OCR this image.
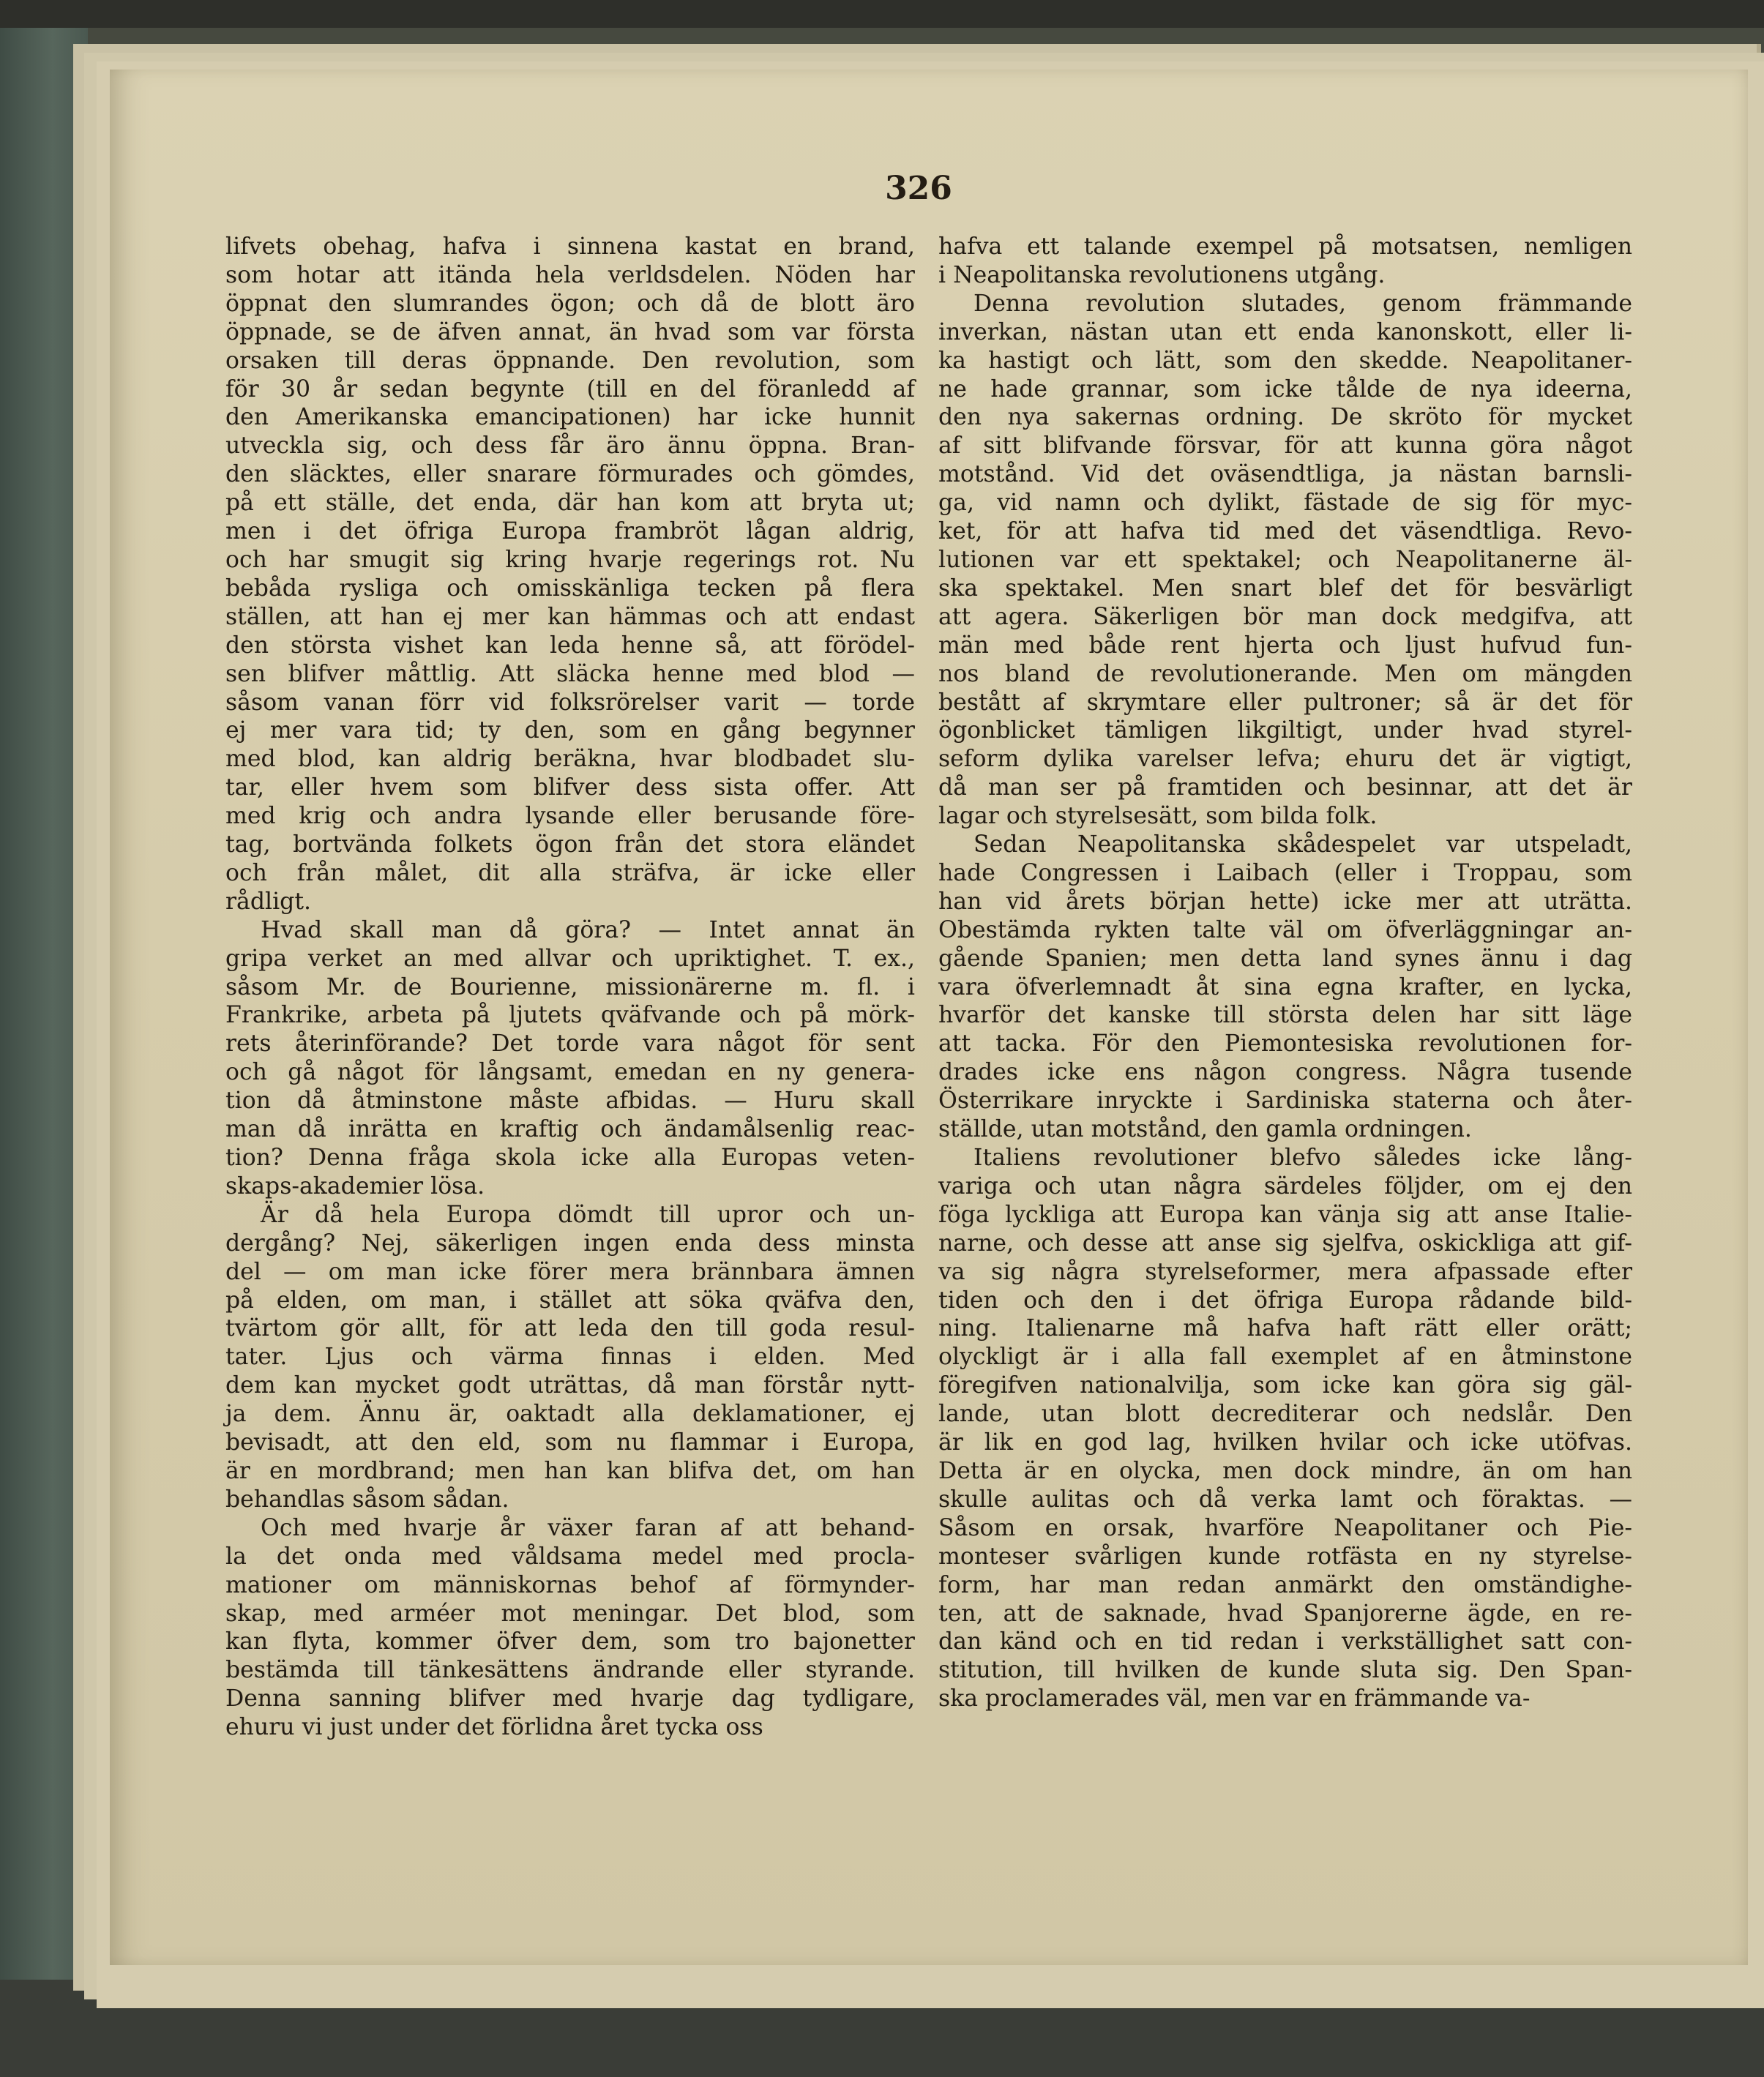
326
lifvets obehag, hafva i sinnena kastat en brand,
som hotar att itända hela verldsdelen. Nöden har
öppnat den slumrandes ögon; och då de blott äro
öppnade, se de äfven annat, än hvad som var första
orsaken till deras öppnande. Den revolution, som
för 30 år sedan begynte (till en del föranledd af
den Amerikanska emancipationen) har icke hunnit
utveckla sig, och dess får äro ännu öppna. Bran-
den släcktes, eller snarare förmurades och gömdes,
på ett ställe, det enda, där han kom att bryta ut;
men i det öfriga Europa frambröt lågan aldrig,
och har smugit sig kring hvarje regerings rot. Nu
bebåda rysliga och omisskänliga tecken på flera
ställen, att han ej mer kan hämmas och att endast
den största vishet kan leda henne så, att förödel-
sen blifver måttlig. Att släcka henne med blod —
såsom vanan förr vid folksrörelser varit — torde
ej mer vara tid; ty den, som en gång begynner
med blod, kan aldrig beräkna, hvar blodbadet slu-
tar, eller hvem som blifver dess sista offer. Att
med krig och andra lysande eller berusande före-
tag, bortvända folkets ögon från det stora eländet
och från målet, dit alla sträfva, är icke eller
rådligt.
Hvad skall man då göra? — Intet annat än
gripa verket an med allvar och upriktighet. T. ex.,
såsom Mr. de Bourienne, missionärerne m. fl. i
Frankrike, arbeta på ljutets qväfvande och på mörk-
rets återinförande? Det torde vara något för sent
och gå något för långsamt, emedan en ny genera-
tion då åtminstone måste afbidas. — Huru skall
man då inrätta en kraftig och ändamålsenlig reac-
tion? Denna fråga skola icke alla Europas veten-
skaps-akademier lösa.
Är då hela Europa dömdt till upror och un-
dergång? Nej, säkerligen ingen enda dess minsta
del — om man icke förer mera brännbara ämnen
på elden, om man, i stället att söka qväfva den,
tvärtom gör allt, för att leda den till goda resul-
tater. Ljus och värma finnas i elden. Med
dem kan mycket godt uträttas, då man förstår nytt-
ja dem. Ännu är, oaktadt alla deklamationer, ej
bevisadt, att den eld, som nu flammar i Europa,
är en mordbrand; men han kan blifva det, om han
behandlas såsom sådan.
Och med hvarje år växer faran af att behand-
la det onda med våldsama medel med procla-
mationer om människornas behof af förmynder-
skap, med arméer mot meningar. Det blod, som
kan flyta, kommer öfver dem, som tro bajonetter
bestämda till tänkesättens ändrande eller styrande.
Denna sanning blifver med hvarje dag tydligare,
ehuru vi just under det förlidna året tycka oss
hafva ett talande exempel på motsatsen, nemligen
i Neapolitanska revolutionens utgång.
Denna revolution slutades, genom främmande
inverkan, nästan utan ett enda kanonskott, eller li-
ka hastigt och lätt, som den skedde. Neapolitaner-
ne hade grannar, som icke tålde de nya ideerna,
den nya sakernas ordning. De skröto för mycket
af sitt blifvande försvar, för att kunna göra något
motstånd. Vid det oväsendtliga, ja nästan barnsli-
ga, vid namn och dylikt, fästade de sig för myc-
ket, för att hafva tid med det väsendtliga. Revo-
lutionen var ett spektakel; och Neapolitanerne äl-
ska spektakel. Men snart blef det för besvärligt
att agera. Säkerligen bör man dock medgifva, att
män med både rent hjerta och ljust hufvud fun-
nos bland de revolutionerande. Men om mängden
bestått af skrymtare eller pultroner; så är det för
ögonblicket tämligen likgiltigt, under hvad styrel-
seform dylika varelser lefva; ehuru det är vigtigt,
då man ser på framtiden och besinnar, att det är
lagar och styrelsesätt, som bilda folk.
Sedan Neapolitanska skådespelet var utspeladt,
hade Congressen i Laibach (eller i Troppau, som
han vid årets början hette) icke mer att uträtta.
Obestämda rykten talte väl om öfverläggningar an-
gående Spanien; men detta land synes ännu i dag
vara öfverlemnadt åt sina egna krafter, en lycka,
hvarför det kanske till största delen har sitt läge
att tacka. För den Piemontesiska revolutionen for-
drades icke ens någon congress. Några tusende
Österrikare inryckte i Sardiniska staterna och åter-
ställde, utan motstånd, den gamla ordningen.
Italiens revolutioner blefvo således icke lång-
variga och utan några särdeles följder, om ej den
föga lyckliga att Europa kan vänja sig att anse Italie-
narne, och desse att anse sig sjelfva, oskickliga att gif-
va sig några styrelseformer, mera afpassade efter
tiden och den i det öfriga Europa rådande bild-
ning. Italienarne må hafva haft rätt eller orätt;
olyckligt är i alla fall exemplet af en åtminstone
föregifven nationalvilja, som icke kan göra sig gäl-
lande, utan blott decrediterar och nedslår. Den
är lik en god lag, hvilken hvilar och icke utöfvas.
Detta är en olycka, men dock mindre, än om han
skulle aulitas och då verka lamt och föraktas. —
Såsom en orsak, hvarföre Neapolitaner och Pie-
monteser svårligen kunde rotfästa en ny styrelse-
form, har man redan anmärkt den omständighe-
ten, att de saknade, hvad Spanjorerne ägde, en re-
dan känd och en tid redan i verkställighet satt con-
stitution, till hvilken de kunde sluta sig. Den Span-
ska proclamerades väl, men var en främmande va-
